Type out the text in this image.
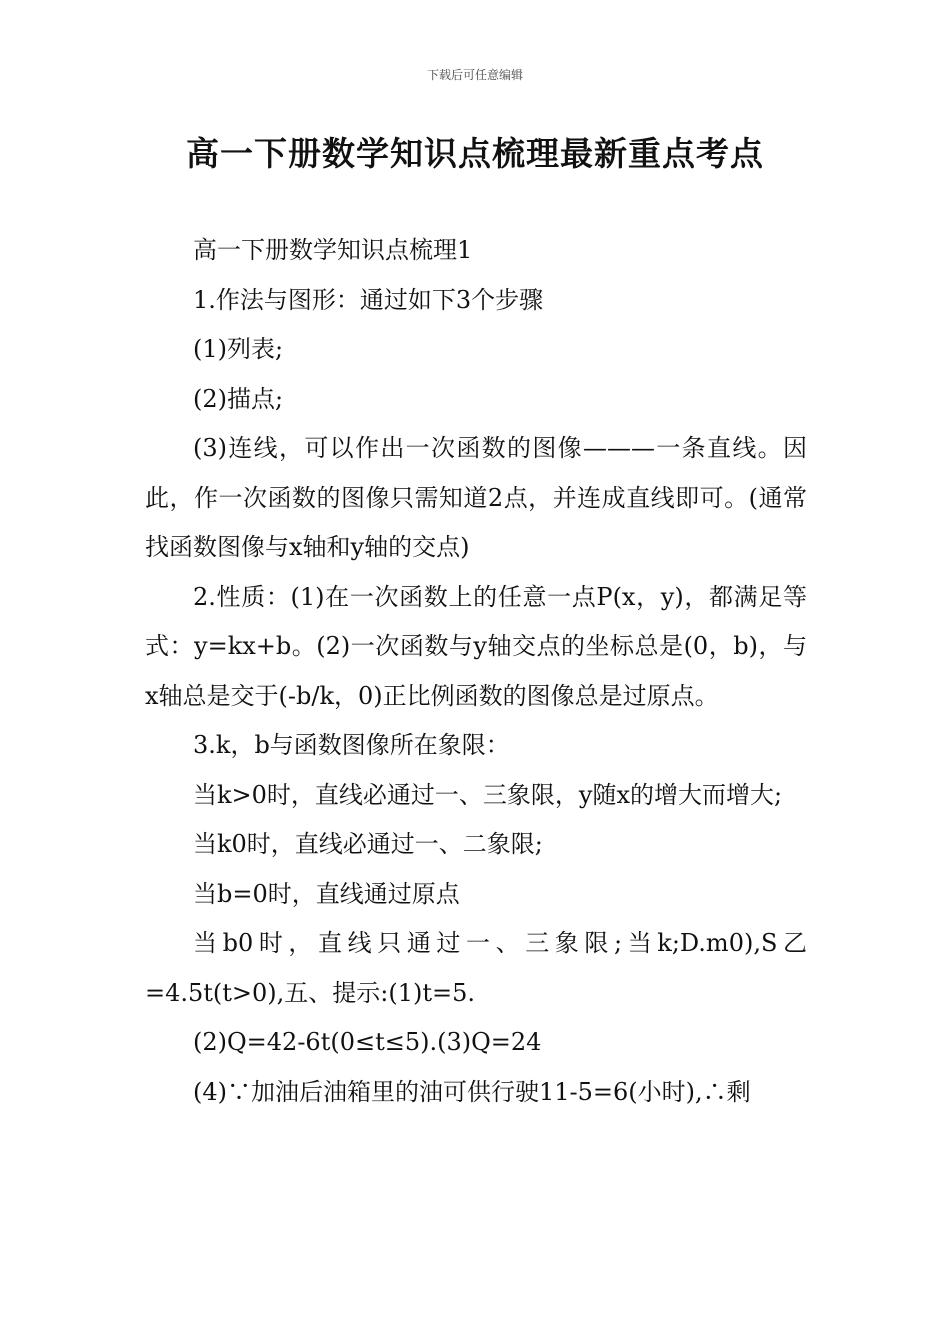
下载后可任意编辑
高一下册数学知识点梳理最新重点考点

高一下册数学知识点梳理1

1.作法与图形：通过如下3个步骤

(1)列表;

(2)描点;

(3)连线，可以作出一次函数的图像———一条直线。因此，作一次函数的图像只需知道2点，并连成直线即可。(通常找函数图像与x轴和y轴的交点)

2.性质：(1)在一次函数上的任意一点P(x，y)，都满足等式：y=kx+b。(2)一次函数与y轴交点的坐标总是(0，b)，与x轴总是交于(-b/k，0)正比例函数的图像总是过原点。

3.k，b与函数图像所在象限：

当k>0时，直线必通过一、三象限，y随x的增大而增大;

当k0时，直线必通过一、二象限;

当b=0时，直线通过原点

当b0时，直线只通过一、三象限;当k;D.m0),S乙=4.5t(t>0),五、提示:(1)t=5.

(2)Q=42-6t(0≤t≤5).(3)Q=24

(4)∵加油后油箱里的油可供行驶11-5=6(小时),∴剩
